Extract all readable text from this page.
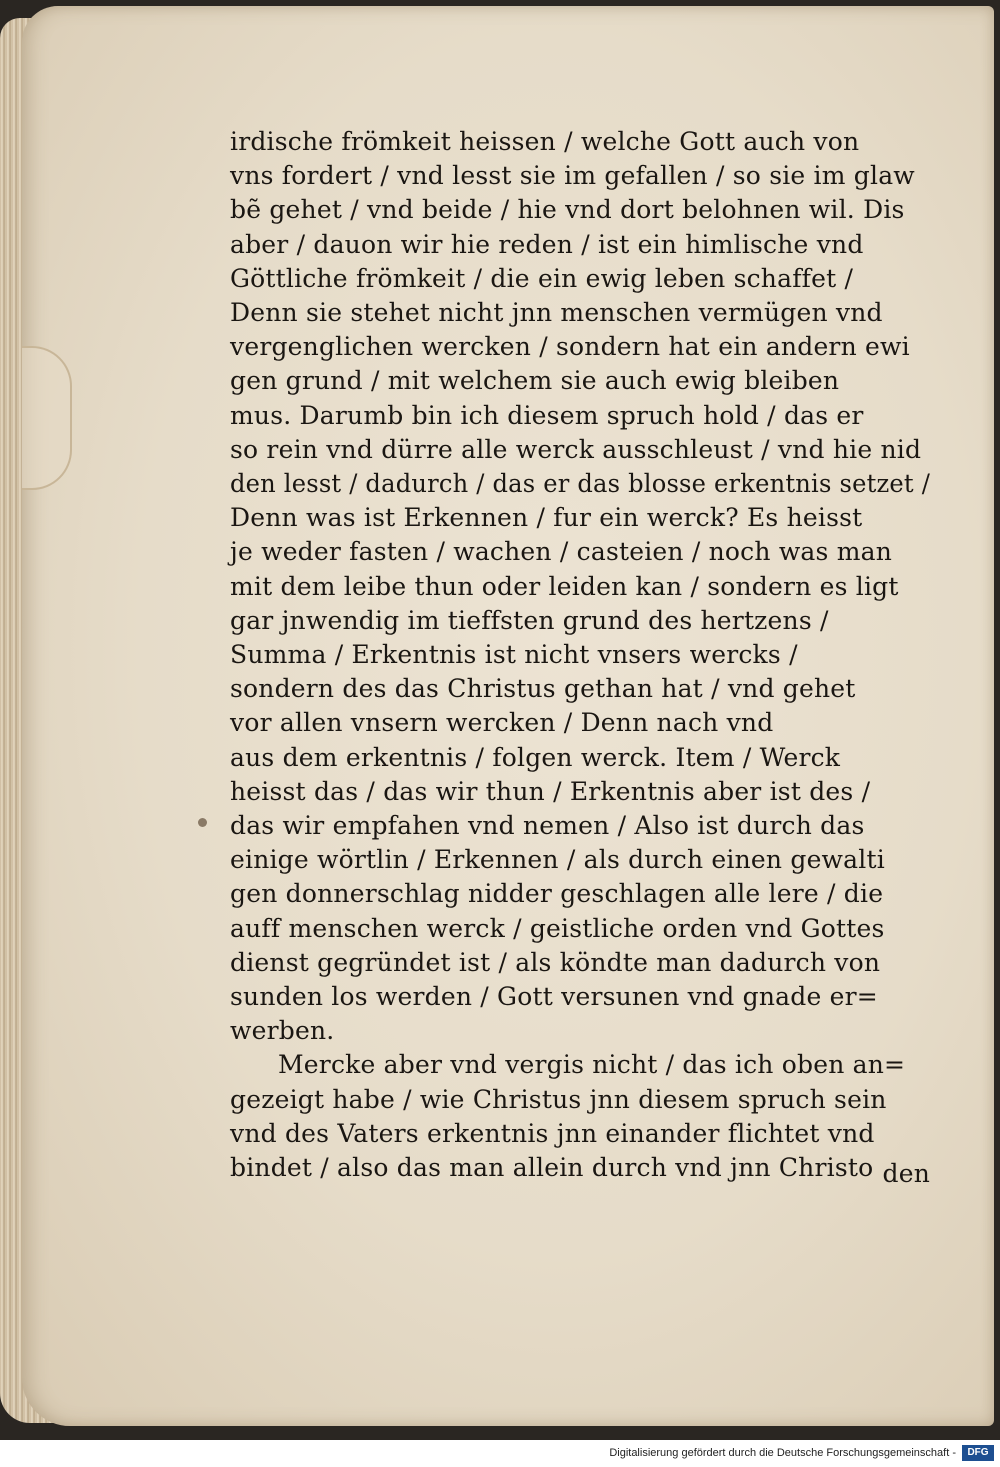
irdische frömkeit heissen / welche Gott auch von
vns fordert / vnd lesst sie im gefallen / so sie im glaw
bẽ gehet / vnd beide / hie vnd dort belohnen wil. Dis
aber / dauon wir hie reden / ist ein himlische vnd
Göttliche frömkeit / die ein ewig leben schaffet /
Denn sie stehet nicht jnn menschen vermügen vnd
vergenglichen wercken / sondern hat ein andern ewi
gen grund / mit welchem sie auch ewig bleiben
mus. Darumb bin ich diesem spruch hold / das er
so rein vnd dürre alle werck ausschleust / vnd hie nid
den lesst / dadurch / das er das blosse erkentnis setzet /
Denn was ist Erkennen / fur ein werck? Es heisst
je weder fasten / wachen / casteien / noch was man
mit dem leibe thun oder leiden kan / sondern es ligt
gar jnwendig im tieffsten grund des hertzens /
Summa / Erkentnis ist nicht vnsers wercks /
sondern des das Christus gethan hat / vnd gehet
vor allen vnsern wercken / Denn nach vnd
aus dem erkentnis / folgen werck. Item / Werck
heisst das / das wir thun / Erkentnis aber ist des /
das wir empfahen vnd nemen / Also ist durch das
einige wörtlin / Erkennen / als durch einen gewalti
gen donnerschlag nidder geschlagen alle lere / die
auff menschen werck / geistliche orden vnd Gottes
dienst gegründet ist / als köndte man dadurch von
sunden los werden / Gott versunen vnd gnade er=
werben.
Mercke aber vnd vergis nicht / das ich oben an=
gezeigt habe / wie Christus jnn diesem spruch sein
vnd des Vaters erkentnis jnn einander flichtet vnd
bindet / also das man allein durch vnd jnn Christo den
Digitalisierung gefördert durch die Deutsche Forschungsgemeinschaft -	DFG
